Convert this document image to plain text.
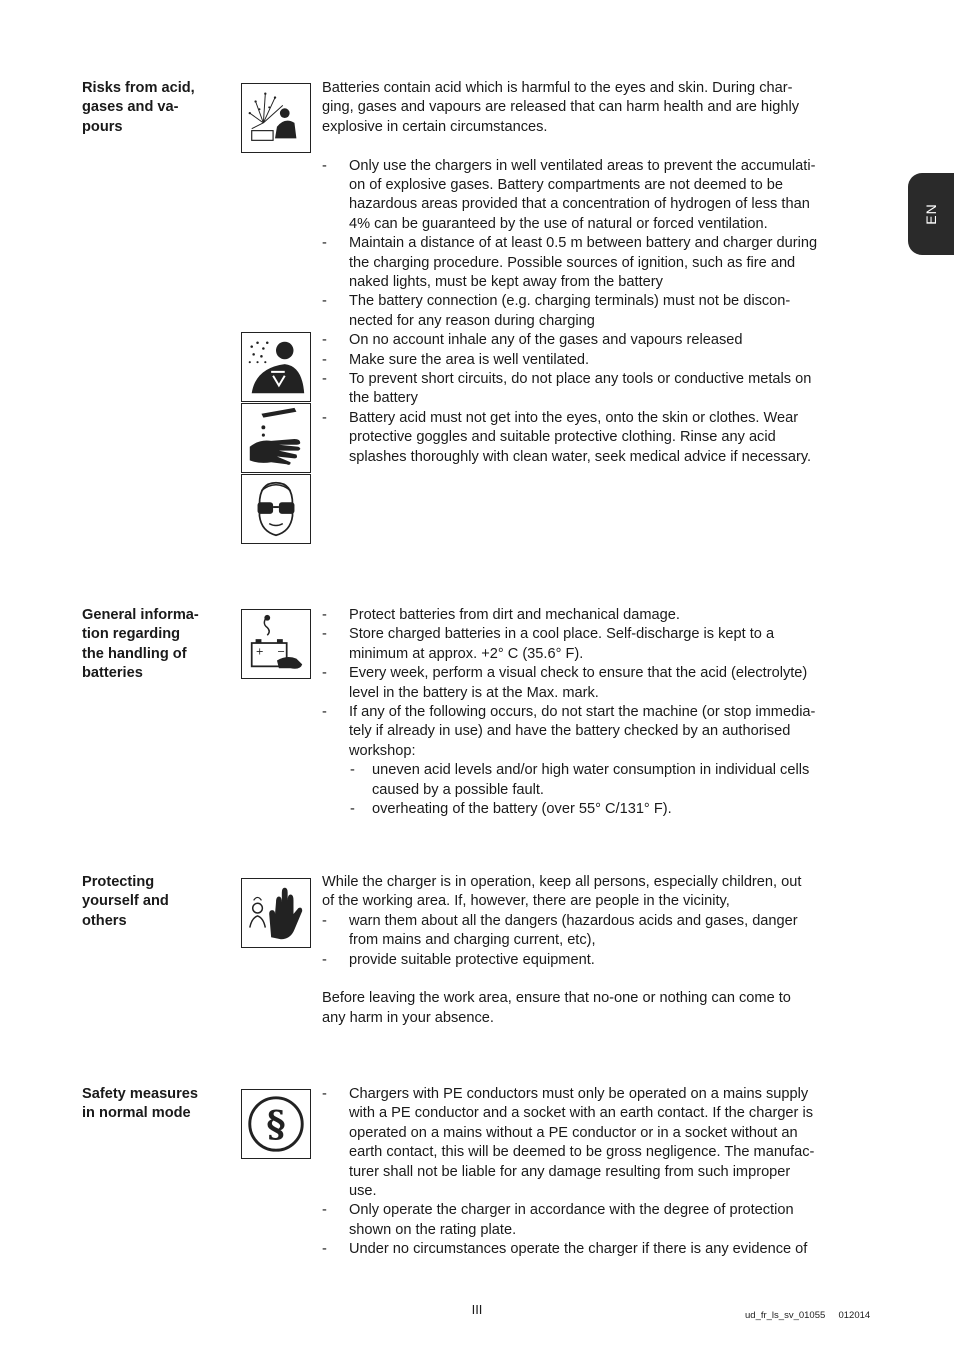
EN
Risks from acid,
gases and va-
pours

Batteries contain acid which is harmful to the eyes and skin. During char-
ging, gases and vapours are released that can harm health and are highly
explosive in certain circumstances.

- Only use the chargers in well ventilated areas to prevent the accumulati-
on of explosive gases. Battery compartments are not deemed to be
hazardous areas provided that a concentration of hydrogen of less than
4% can be guaranteed by the use of natural or forced ventilation.
- Maintain a distance of at least 0.5 m between battery and charger during
the charging procedure. Possible sources of ignition, such as fire and
naked lights, must be kept away from the battery
- The battery connection (e.g. charging terminals) must not be discon-
nected for any reason during charging
- On no account inhale any of the gases and vapours released
- Make sure the area is well ventilated.
- To prevent short circuits, do not place any tools or conductive metals on
the battery
- Battery acid must not get into the eyes, onto the skin or clothes. Wear
protective goggles and suitable protective clothing. Rinse any acid
splashes thoroughly with clean water, seek medical advice if necessary.
General informa-
tion regarding
the handling of
batteries
+ −
- Protect batteries from dirt and mechanical damage.
- Store charged batteries in a cool place. Self-discharge is kept to a
minimum at approx. +2° C (35.6° F).
- Every week, perform a visual check to ensure that the acid (electrolyte)
level in the battery is at the Max. mark.
- If any of the following occurs, do not start the machine (or stop immedia-
tely if already in use) and have the battery checked by an authorised
workshop:
- uneven acid levels and/or high water consumption in individual cells
caused by a possible fault.
- overheating of the battery (over 55° C/131° F).
Protecting
yourself and
others

While the charger is in operation, keep all persons, especially children, out
of the working area. If, however, there are people in the vicinity,

- warn them about all the dangers (hazardous acids and gases, danger
from mains and charging current, etc),
- provide suitable protective equipment.

Before leaving the work area, ensure that no-one or nothing can come to
any harm in your absence.

Safety measures
in normal mode	§
- Chargers with PE conductors must only be operated on a mains supply
with a PE conductor and a socket with an earth contact. If the charger is
operated on a mains without a PE conductor or in a socket without an
earth contact, this will be deemed to be gross negligence. The manufac-
turer shall not be liable for any damage resulting from such improper
use.
- Only operate the charger in accordance with the degree of protection
shown on the rating plate.
- Under no circumstances operate the charger if there is any evidence of
III	ud_fr_ls_sv_01055     012014
